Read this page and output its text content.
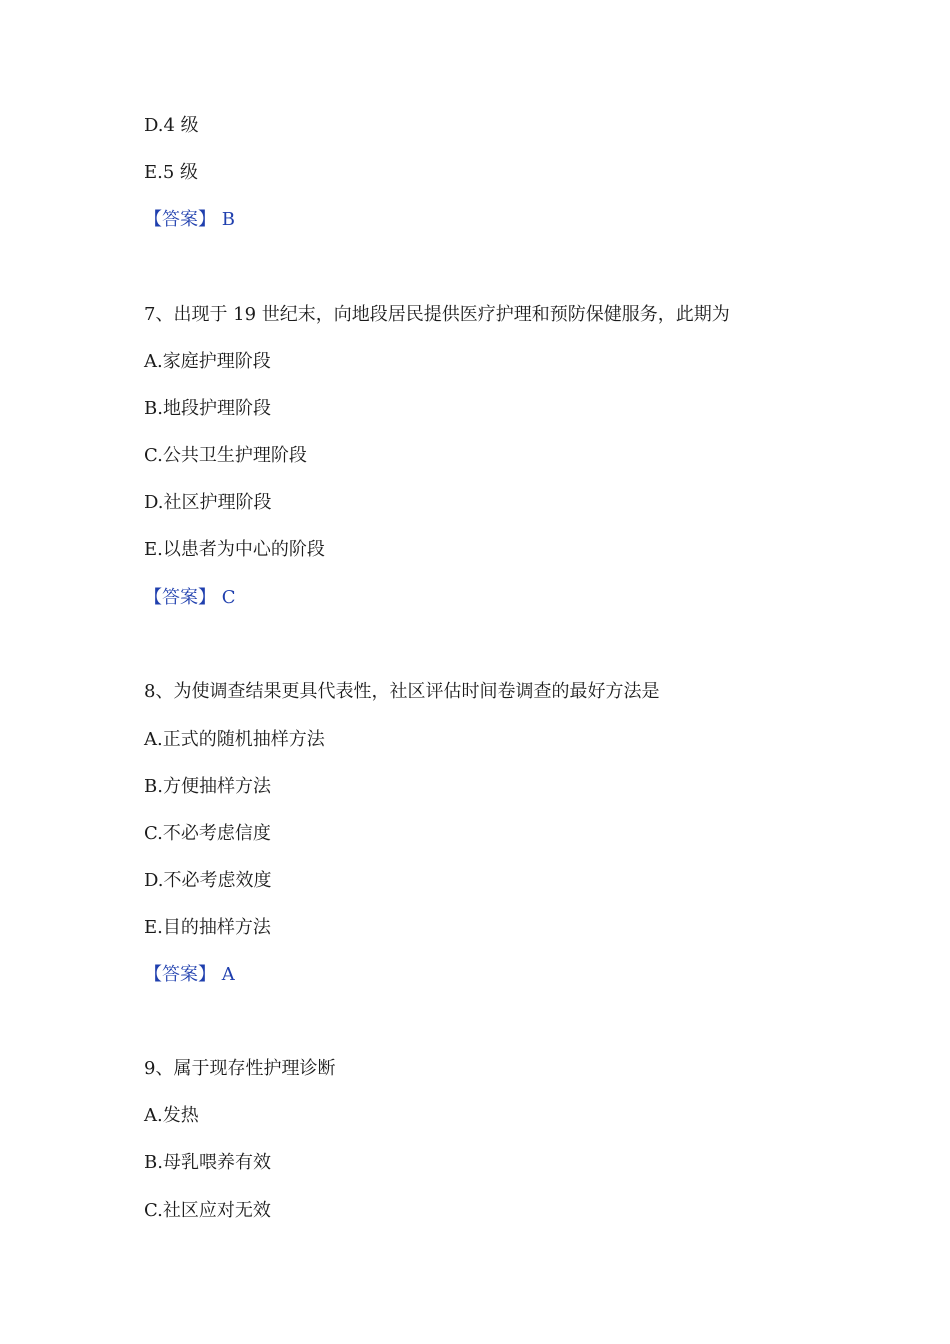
D.4 级
E.5 级
【答案】 B
7、出现于 19 世纪末，向地段居民提供医疗护理和预防保健服务，此期为
A.家庭护理阶段
B.地段护理阶段
C.公共卫生护理阶段
D.社区护理阶段
E.以患者为中心的阶段
【答案】 C
8、为使调查结果更具代表性，社区评估时间卷调查的最好方法是
A.正式的随机抽样方法
B.方便抽样方法
C.不必考虑信度
D.不必考虑效度
E.目的抽样方法
【答案】 A
9、属于现存性护理诊断
A.发热
B.母乳喂养有效
C.社区应对无效
